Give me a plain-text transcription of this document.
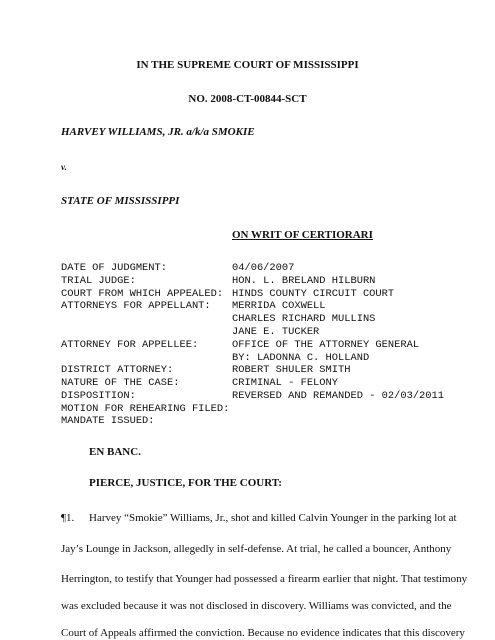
IN THE SUPREME COURT OF MISSISSIPPI
NO. 2008-CT-00844-SCT
HARVEY WILLIAMS, JR. a/k/a SMOKIE
v.
STATE OF MISSISSIPPI
ON WRIT OF CERTIORARI
DATE OF JUDGMENT:	04/06/2007
TRIAL JUDGE:	HON. L. BRELAND HILBURN
COURT FROM WHICH APPEALED: HINDS COUNTY CIRCUIT COURT
ATTORNEYS FOR APPELLANT: MERRIDA COXWELL
CHARLES RICHARD MULLINS
JANE E. TUCKER
ATTORNEY FOR APPELLEE:	OFFICE OF THE ATTORNEY GENERAL
BY: LADONNA C. HOLLAND
DISTRICT ATTORNEY:	ROBERT SHULER SMITH
NATURE OF THE CASE:	CRIMINAL - FELONY
DISPOSITION:	REVERSED AND REMANDED - 02/03/2011
MOTION FOR REHEARING FILED:
MANDATE ISSUED:
EN BANC.
PIERCE, JUSTICE, FOR THE COURT:
¶1. Harvey “Smokie” Williams, Jr., shot and killed Calvin Younger in the parking lot at
Jay’s Lounge in Jackson, allegedly in self-defense. At trial, he called a bouncer, Anthony
Herrington, to testify that Younger had possessed a firearm earlier that night. That testimony
was excluded because it was not disclosed in discovery. Williams was convicted, and the
Court of Appeals affirmed the conviction. Because no evidence indicates that this discovery
